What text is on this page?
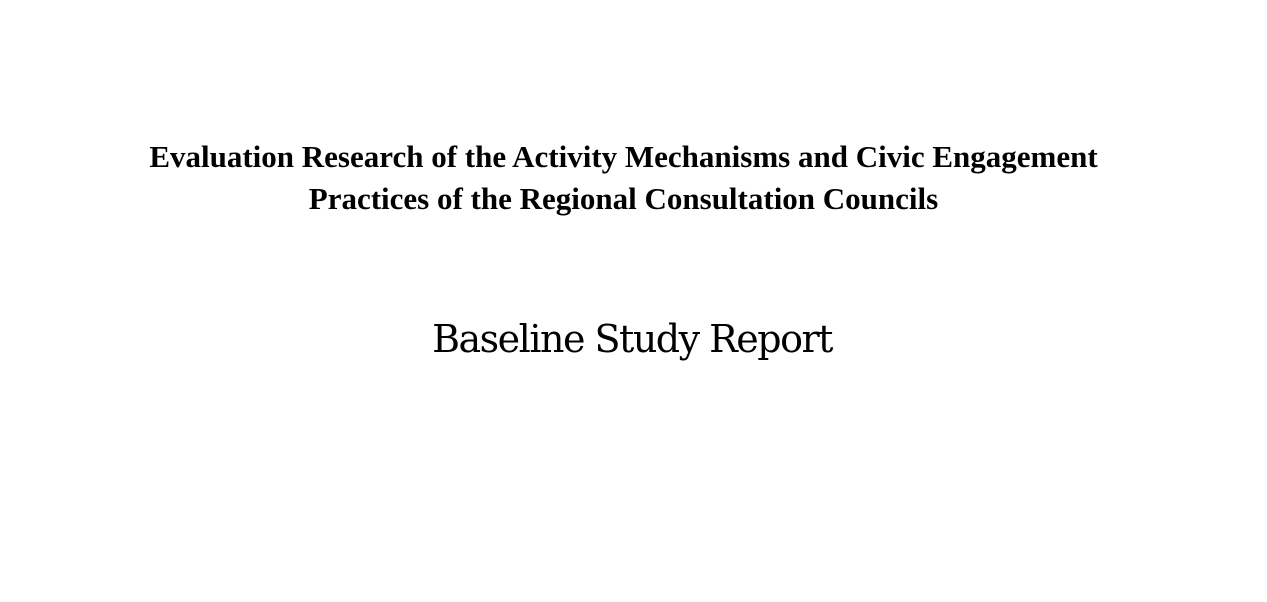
Evaluation Research of the Activity Mechanisms and Civic Engagement
Practices of the Regional Consultation Councils
Baseline Study Report
